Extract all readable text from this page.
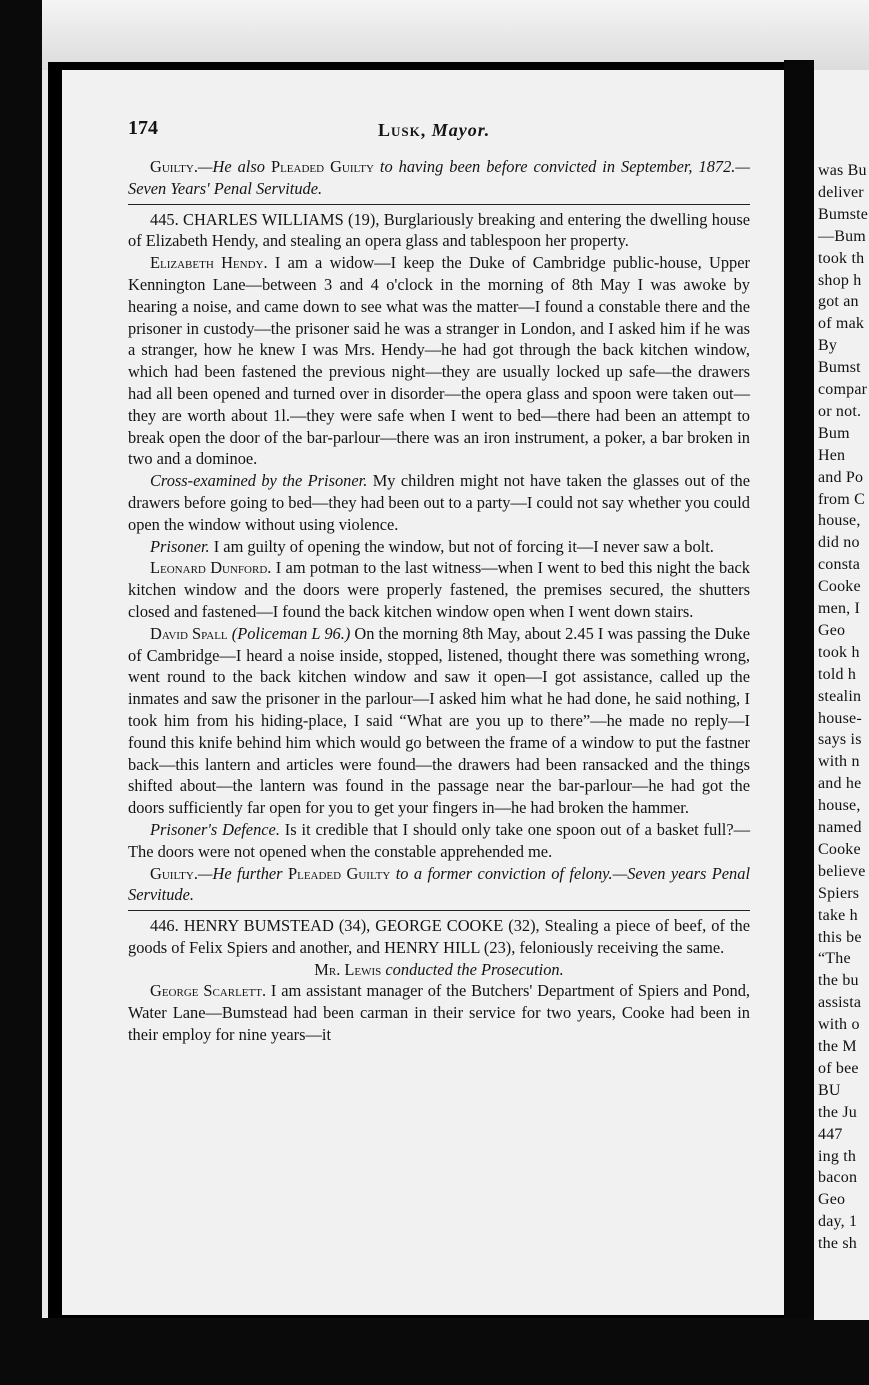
was Bu
deliver
Bumste
—Bum
took th
shop h
got an
of mak
By
Bumst
compar
or not.
Bum
Hen
and Po
from C
house,
did no
consta
Cooke
men, I
Geo
took h
told h
stealin
house-
says is
with n
and he
house,
named
Cooke
believe
Spiers
take h
this be
“The
the bu
assista
with o
the M
of bee
BU
the Ju
447
ing th
bacon
Geo
day, 1
the sh
174	Lusk, Mayor.

Guilty.—He also Pleaded Guilty to having been before convicted in September, 1872.—Seven Years' Penal Servitude.

445. CHARLES WILLIAMS (19), Burglariously breaking and entering the dwelling house of Elizabeth Hendy, and stealing an opera glass and tablespoon her property.

Elizabeth Hendy. I am a widow—I keep the Duke of Cambridge public-house, Upper Kennington Lane—between 3 and 4 o'clock in the morning of 8th May I was awoke by hearing a noise, and came down to see what was the matter—I found a constable there and the prisoner in custody—the prisoner said he was a stranger in London, and I asked him if he was a stranger, how he knew I was Mrs. Hendy—he had got through the back kitchen window, which had been fastened the previous night—they are usually locked up safe—the drawers had all been opened and turned over in disorder—the opera glass and spoon were taken out—they are worth about 1l.—they were safe when I went to bed—there had been an attempt to break open the door of the bar-parlour—there was an iron instrument, a poker, a bar broken in two and a dominoe.

Cross-examined by the Prisoner. My children might not have taken the glasses out of the drawers before going to bed—they had been out to a party—I could not say whether you could open the window without using violence.

Prisoner. I am guilty of opening the window, but not of forcing it—I never saw a bolt.

Leonard Dunford. I am potman to the last witness—when I went to bed this night the back kitchen window and the doors were properly fastened, the premises secured, the shutters closed and fastened—I found the back kitchen window open when I went down stairs.

David Spall (Policeman L 96.) On the morning 8th May, about 2.45 I was passing the Duke of Cambridge—I heard a noise inside, stopped, listened, thought there was something wrong, went round to the back kitchen window and saw it open—I got assistance, called up the inmates and saw the prisoner in the parlour—I asked him what he had done, he said nothing, I took him from his hiding-place, I said “What are you up to there”—he made no reply—I found this knife behind him which would go between the frame of a window to put the fastner back—this lantern and articles were found—the drawers had been ransacked and the things shifted about—the lantern was found in the passage near the bar-parlour—he had got the doors sufficiently far open for you to get your fingers in—he had broken the hammer.

Prisoner's Defence. Is it credible that I should only take one spoon out of a basket full?—The doors were not opened when the constable apprehended me.

Guilty.—He further Pleaded Guilty to a former conviction of felony.—Seven years Penal Servitude.

446. HENRY BUMSTEAD (34), GEORGE COOKE (32), Stealing a piece of beef, of the goods of Felix Spiers and another, and HENRY HILL (23), feloniously receiving the same.

Mr. Lewis conducted the Prosecution.

George Scarlett. I am assistant manager of the Butchers' Department of Spiers and Pond, Water Lane—Bumstead had been carman in their service for two years, Cooke had been in their employ for nine years—it
